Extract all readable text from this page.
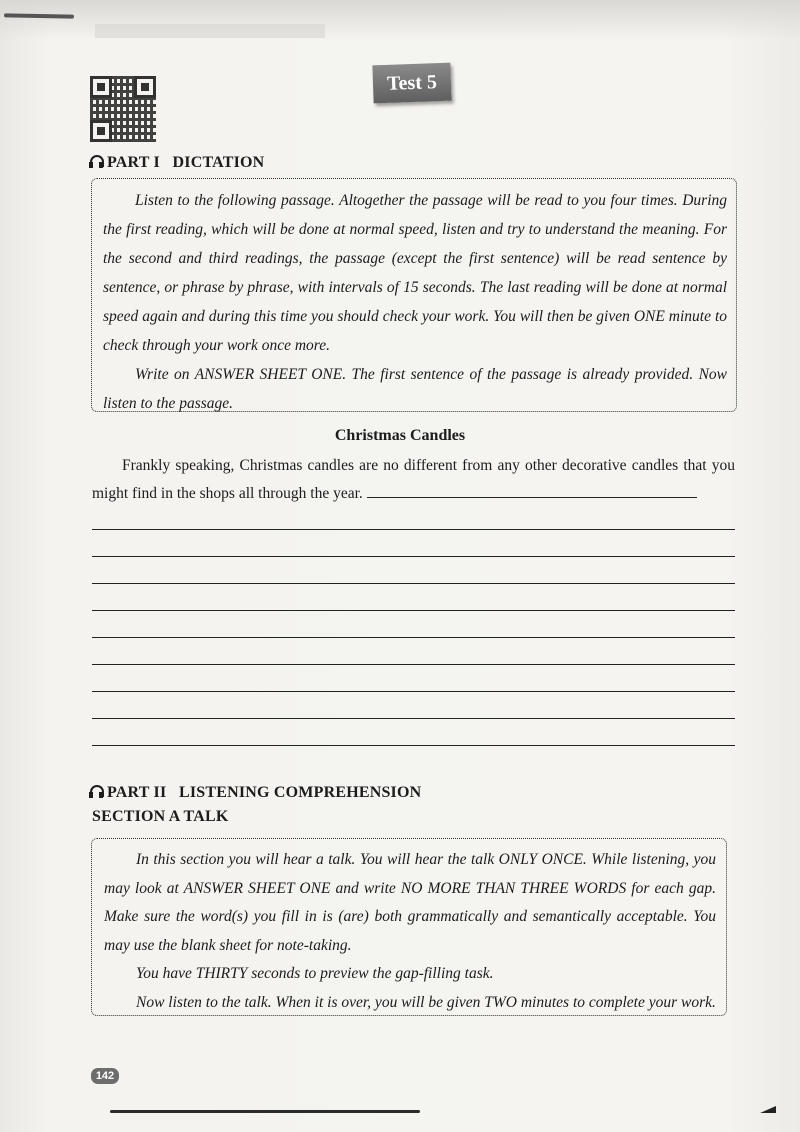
Test 5
PART I   DICTATION

Listen to the following passage. Altogether the passage will be read to you four times. During the first reading, which will be done at normal speed, listen and try to understand the meaning. For the second and third readings, the passage (except the first sentence) will be read sentence by sentence, or phrase by phrase, with intervals of 15 seconds. The last reading will be done at normal speed again and during this time you should check your work. You will then be given ONE minute to check through your work once more.

Write on ANSWER SHEET ONE. The first sentence of the passage is already provided. Now listen to the passage.

Christmas Candles
Frankly speaking, Christmas candles are no different from any other decorative candles that you might find in the shops all through the year.
PART II   LISTENING COMPREHENSION
SECTION A TALK

In this section you will hear a talk. You will hear the talk ONLY ONCE. While listening, you may look at ANSWER SHEET ONE and write NO MORE THAN THREE WORDS for each gap. Make sure the word(s) you fill in is (are) both grammatically and semantically acceptable. You may use the blank sheet for note-taking.

You have THIRTY seconds to preview the gap-filling task.

Now listen to the talk. When it is over, you will be given TWO minutes to complete your work.

142
